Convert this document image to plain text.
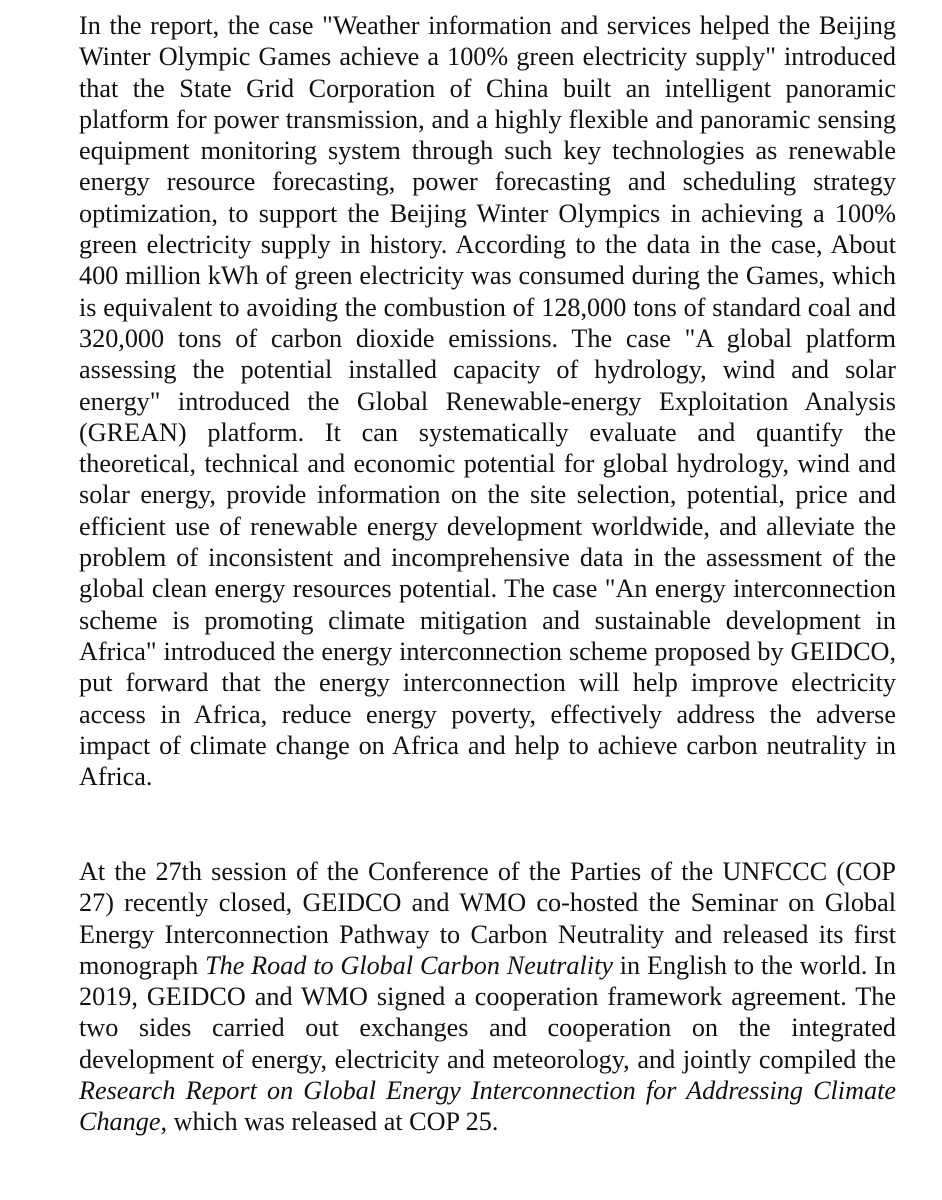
In the report, the case "Weather information and services helped the Beijing Winter Olympic Games achieve a 100% green electricity supply" introduced that the State Grid Corporation of China built an intelligent panoramic platform for power transmission, and a highly flexible and panoramic sensing equipment monitoring system through such key technologies as renewable energy resource forecasting, power forecasting and scheduling strategy optimization, to support the Beijing Winter Olympics in achieving a 100% green electricity supply in history. According to the data in the case, About 400 million kWh of green electricity was consumed during the Games, which is equivalent to avoiding the combustion of 128,000 tons of standard coal and 320,000 tons of carbon dioxide emissions. The case "A global platform assessing the potential installed capacity of hydrology, wind and solar energy" introduced the Global Renewable-energy Exploitation Analysis (GREAN) platform. It can systematically evaluate and quantify the theoretical, technical and economic potential for global hydrology, wind and solar energy, provide information on the site selection, potential, price and efficient use of renewable energy development worldwide, and alleviate the problem of inconsistent and incomprehensive data in the assessment of the global clean energy resources potential. The case "An energy interconnection scheme is promoting climate mitigation and sustainable development in Africa" introduced the energy interconnection scheme proposed by GEIDCO, put forward that the energy interconnection will help improve electricity access in Africa, reduce energy poverty, effectively address the adverse impact of climate change on Africa and help to achieve carbon neutrality in Africa.

At the 27th session of the Conference of the Parties of the UNFCCC (COP 27) recently closed, GEIDCO and WMO co-hosted the Seminar on Global Energy Interconnection Pathway to Carbon Neutrality and released its first monograph The Road to Global Carbon Neutrality in English to the world. In 2019, GEIDCO and WMO signed a cooperation framework agreement. The two sides carried out exchanges and cooperation on the integrated development of energy, electricity and meteorology, and jointly compiled the Research Report on Global Energy Interconnection for Addressing Climate Change, which was released at COP 25.
